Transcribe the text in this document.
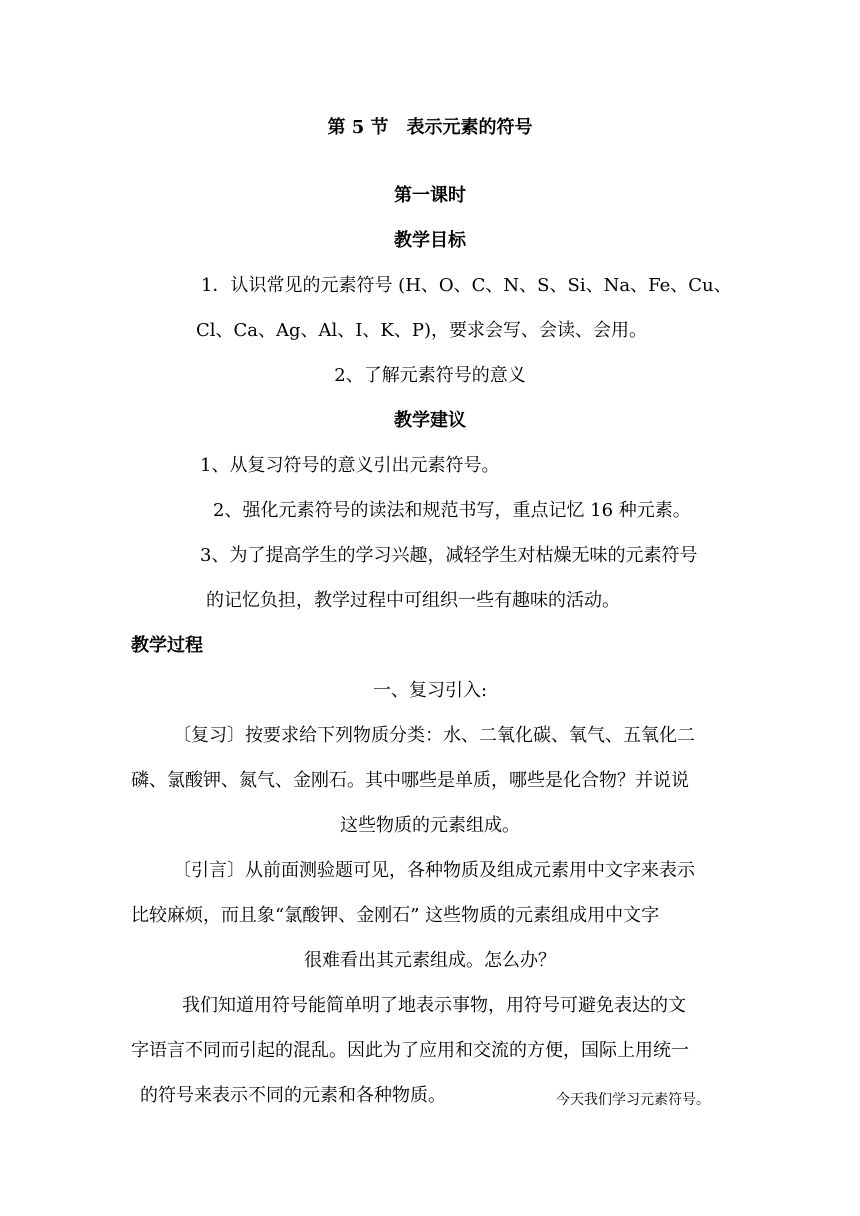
第 5 节　表示元素的符号

第一课时

教学目标

1．认识常见的元素符号 (H、O、C、N、S、Si、Na、Fe、Cu、

Cl、Ca、Ag、Al、I、K、P)，要求会写、会读、会用。

2、了解元素符号的意义

教学建议

1、从复习符号的意义引出元素符号。

2、强化元素符号的读法和规范书写，重点记忆 16 种元素。

3、为了提高学生的学习兴趣，减轻学生对枯燥无味的元素符号

的记忆负担，教学过程中可组织一些有趣味的活动。

教学过程

一、复习引入:

〔复习〕按要求给下列物质分类：水、二氧化碳、氧气、五氧化二

磷、氯酸钾、氮气、金刚石。其中哪些是单质，哪些是化合物？并说说

这些物质的元素组成。

〔引言〕从前面测验题可见，各种物质及组成元素用中文字来表示

比较麻烦，而且象“氯酸钾、金刚石” 这些物质的元素组成用中文字

很难看出其元素组成。怎么办？

我们知道用符号能简单明了地表示事物，用符号可避免表达的文

字语言不同而引起的混乱。因此为了应用和交流的方便，国际上用统一

的符号来表示不同的元素和各种物质。	今天我们学习元素符号。
